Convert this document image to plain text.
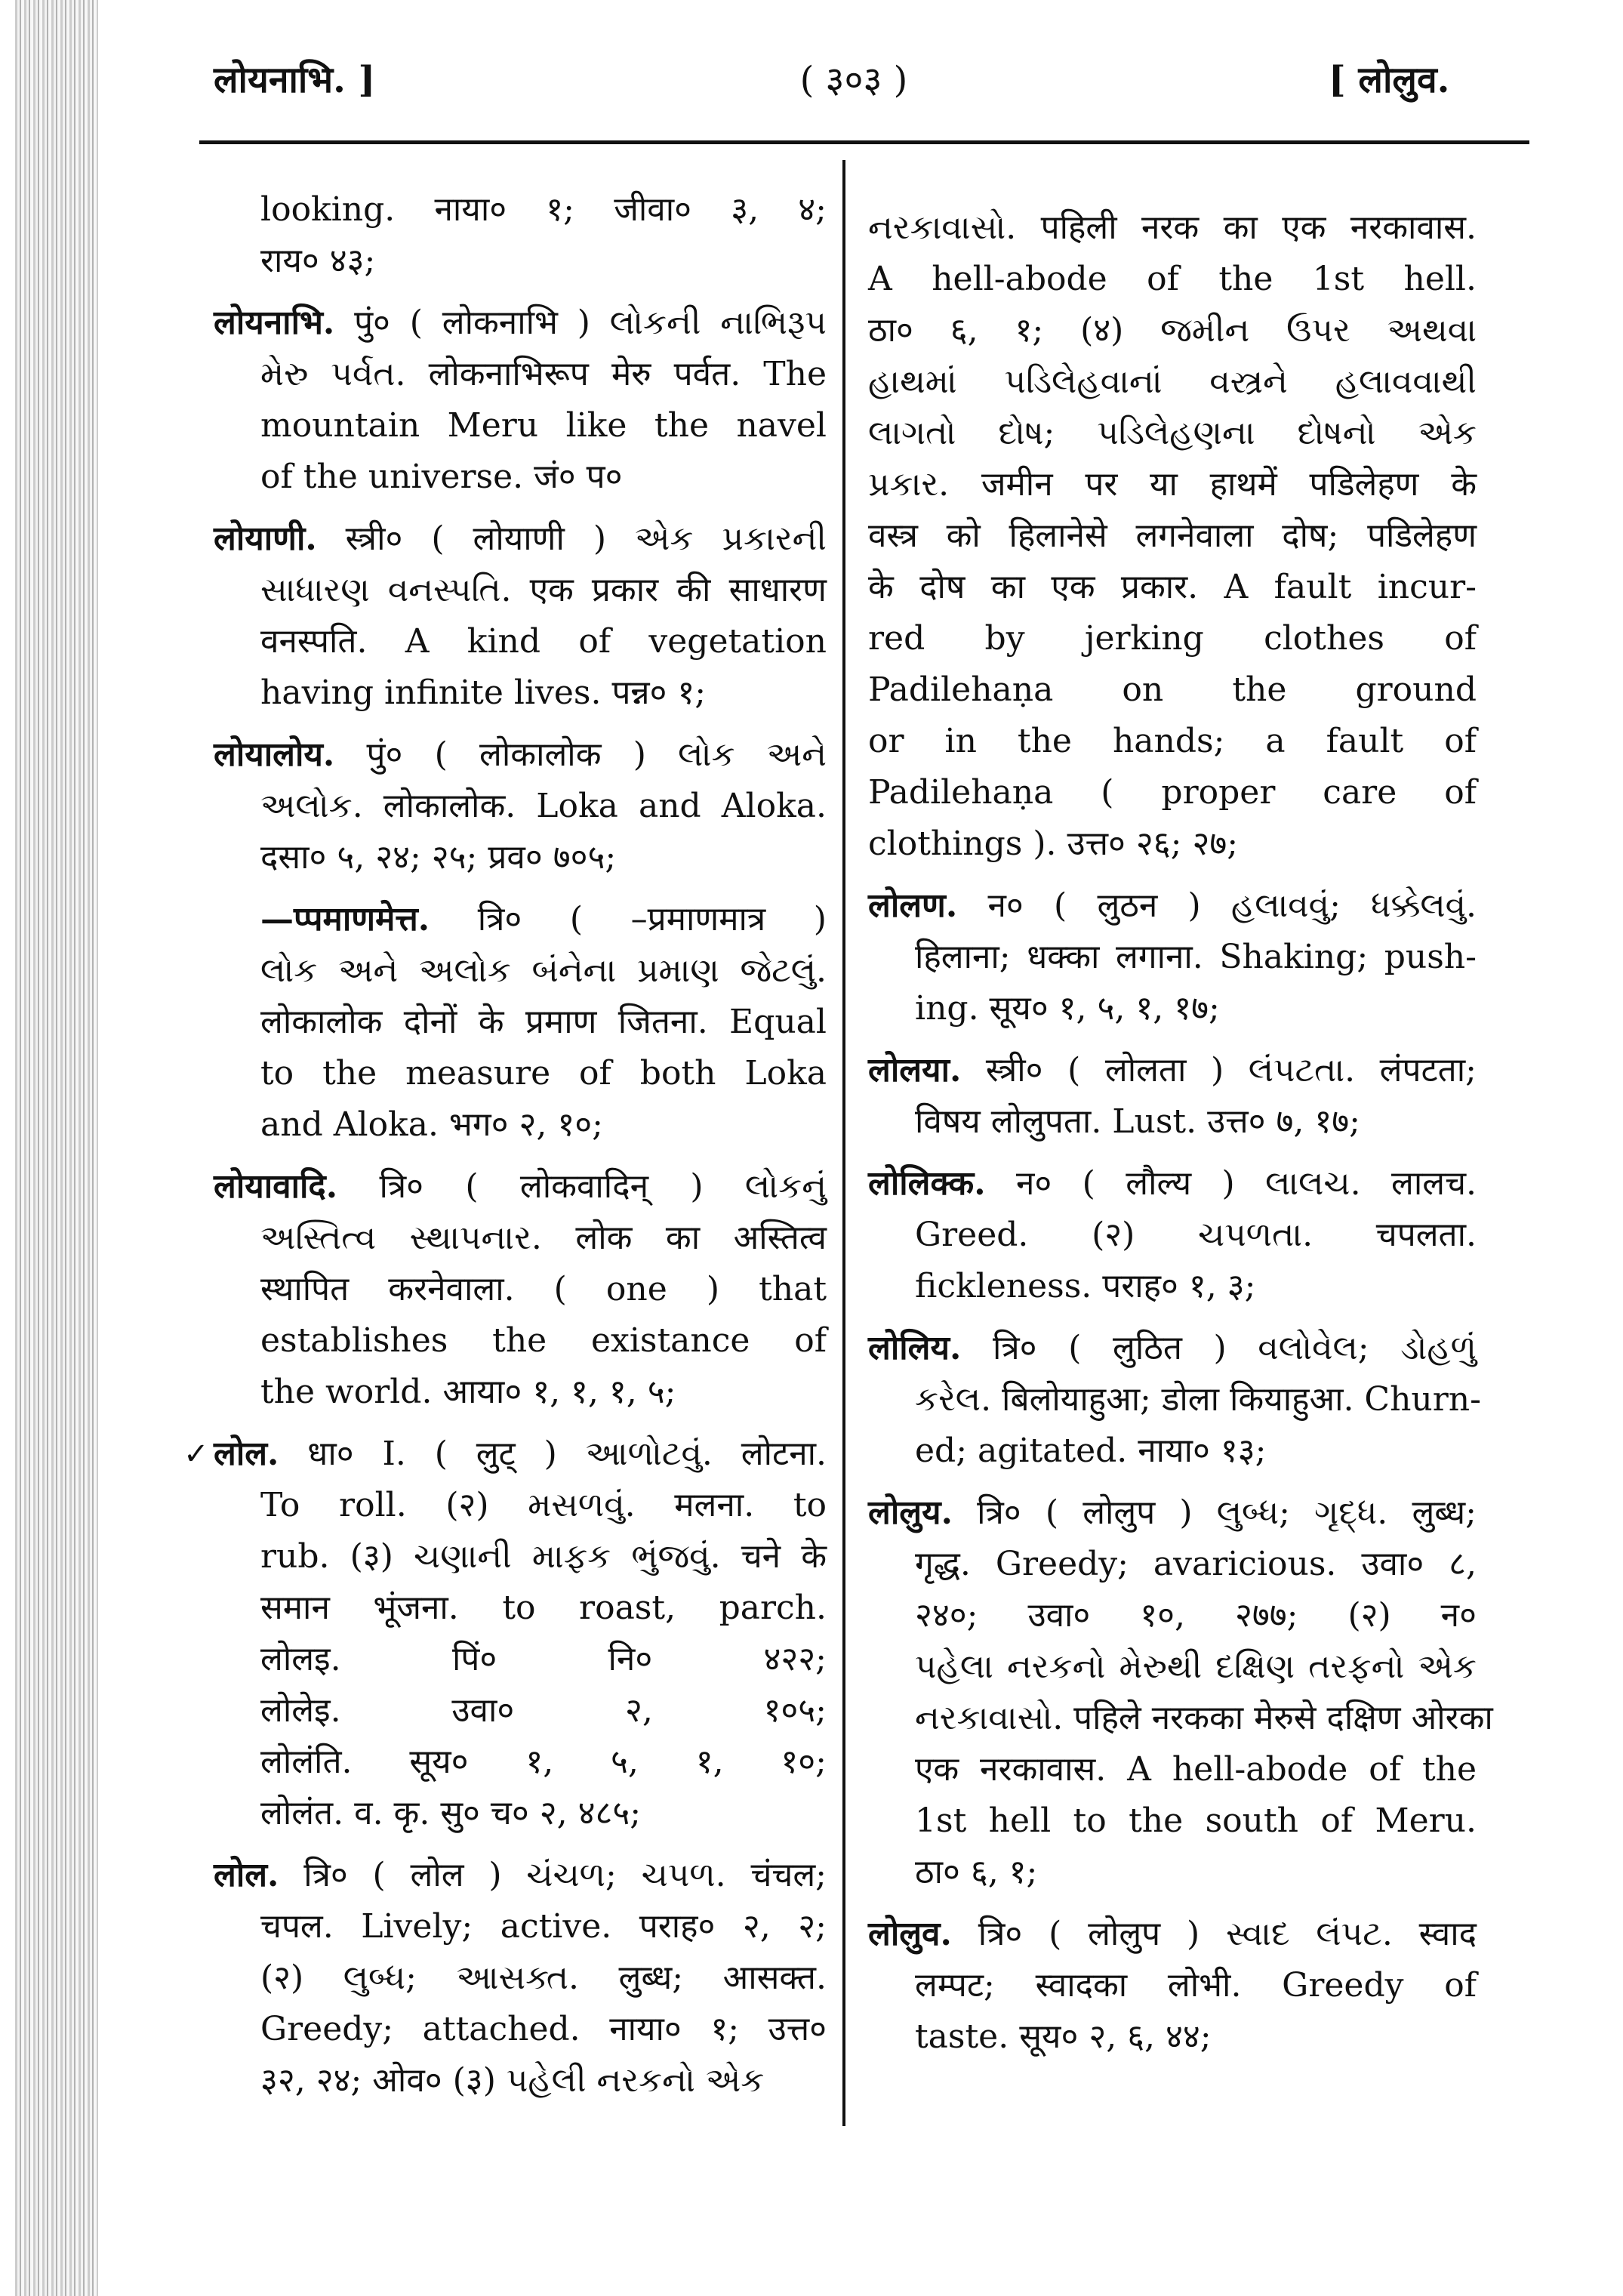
लोयनाभि. ]	( ३०३ )	[ लोलुव.
looking. नाया० १; जीवा० ३, ४;
राय० ४३;
लोयनाभि. पुं० ( लोकनाभि ) લોકની નાભિરૂપ
મેરુ પર્વત. लोकनाभिरूप मेरु पर्वत. The
mountain Meru like the navel
of the universe. जं० प०
लोयाणी. स्त्री० ( लोयाणी ) એક પ્રકારની
સાધારણ વનસ્પતિ. एक प्रकार की साधारण
वनस्पति. A kind of vegetation
having infinite lives. पन्न० १;
लोयालोय. पुं० ( लोकालोक ) લોક અને
અલોક. लोकालोक. Loka and Aloka.
दसा० ५, २४; २५; प्रव० ७०५;
—प्पमाणमेत्त. त्रि० ( –प्रमाणमात्र )
લોક અને અલોક બંનેના પ્રમાણ જેટલું.
लोकालोक दोनों के प्रमाण जितना. Equal
to the measure of both Loka
and Aloka. भग० २, १०;
लोयावादि. त्रि० ( लोकवादिन् ) લોકનું
અસ્તિત્વ સ્થાપનાર. लोक का अस्तित्व
स्थापित करनेवाला. ( one ) that
establishes the existance of
the world. आया० १, १, १, ५;
✓ लोल. धा० I. ( लुट् ) આળોટવું. लोटना.
To roll. (२) મસળવું. मलना. to
rub. (३) ચણાની માફક ભુંજવું. चने के
समान भूंजना. to roast, parch.
लोलइ. पिं० नि० ४२२;
लोलेइ. उवा० २, १०५;
लोलंति. सूय० १, ५, १, १०;
लोलंत. व. कृ. सु० च० २, ४८५;
लोल. त्रि० ( लोल ) ચંચળ; ચપળ. चंचल;
चपल. Lively; active. पराह० २, २;
(२) લુબ્ધ; આસક્ત. लुब्ध; आसक्त.
Greedy; attached. नाया० १; उत्त०
३२, २४; ओव० (३) પહેલી નરકનો એક
નરકાવાસો. पहिली नरक का एक नरकावास.
A hell-abode of the 1st hell.
ठा० ६, १; (४) જમીન ઉપર અથવા
હાથમાં પડિલેહવાનાં વસ્ત્રને હલાવવાથી
લાગતો દોષ; પડિલેહણના દોષનો એક
પ્રકાર. जमीन पर या हाथमें पडिलेहण के
वस्त्र को हिलानेसे लगनेवाला दोष; पडिलेहण
के दोष का एक प्रकार. A fault incur-
red by jerking clothes of
Padilehaṇa on the ground
or in the hands; a fault of
Padilehaṇa ( proper care of
clothings ). उत्त० २६; २७;
लोलण. न० ( लुठन ) હલાવવું; ધક્કેલવું.
हिलाना; धक्का लगाना. Shaking; push-
ing. सूय० १, ५, १, १७;
लोलया. स्त्री० ( लोलता ) લંપટતા. लंपटता;
विषय लोलुपता. Lust. उत्त० ७, १७;
लोलिक्क. न० ( लौल्य ) લાલચ. लालच.
Greed. (२) ચપળતા. चपलता.
fickleness. पराह० १, ३;
लोलिय. त्रि० ( लुठित ) વલોવેલ; ડોહળું
કરેલ. बिलोयाहुआ; डोला कियाहुआ. Churn-
ed; agitated. नाया० १३;
लोलुय. त्रि० ( लोलुप ) લુબ્ધ; ગૃદ્ધ. लुब्ध;
गृद्ध. Greedy; avaricious. उवा० ८,
२४०; उवा० १०, २७७; (२) न०
પહેલા નરકનો મેરુથી દક્ષિણ તરફનો એક
નરકાવાસો. पहिले नरकका मेरुसे दक्षिण ओरका
एक नरकावास. A hell-abode of the
1st hell to the south of Meru.
ठा० ६, १;
लोलुव. त्रि० ( लोलुप ) સ્વાદ લંપટ. स्वाद
लम्पट; स्वादका लोभी. Greedy of
taste. सूय० २, ६, ४४;
